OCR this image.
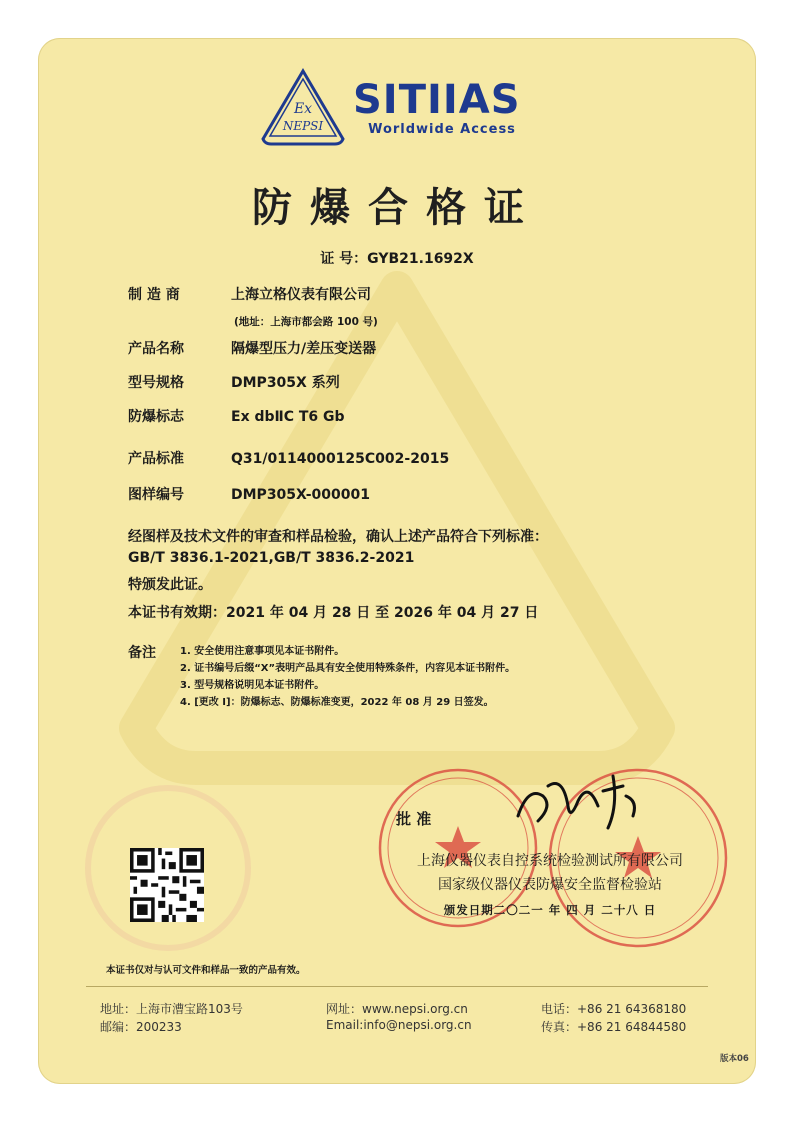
Ex
NEPSI
SITIIAS
Worldwide Access
防爆合格证
证 号：GYB21.1692X
制 造 商	上海立格仪表有限公司
(地址：上海市都会路 100 号)
产品名称	隔爆型压力/差压变送器
型号规格	DMP305X 系列
防爆标志	Ex dbⅡC T6 Gb
产品标准	Q31/0114000125C002-2015
图样编号	DMP305X-000001
经图样及技术文件的审查和样品检验，确认上述产品符合下列标准：
GB/T 3836.1-2021,GB/T 3836.2-2021
特颁发此证。
本证书有效期：2021 年 04 月 28 日 至 2026 年 04 月 27 日
备注 1. 安全使用注意事项见本证书附件。
2. 证书编号后缀“X”表明产品具有安全使用特殊条件，内容见本证书附件。
3. 型号规格说明见本证书附件。
4. [更改 I]：防爆标志、防爆标准变更，2022 年 08 月 29 日签发。
批 准
上海仪器仪表自控系统检验测试所有限公司
国家级仪器仪表防爆安全监督检验站
颁发日期二〇二一 年 四 月 二十八 日
本证书仅对与认可文件和样品一致的产品有效。
地址：上海市漕宝路103号
邮编：200233
网址：www.nepsi.org.cn
Email:info@nepsi.org.cn
电话：+86 21 64368180
传真：+86 21 64844580
版本06
